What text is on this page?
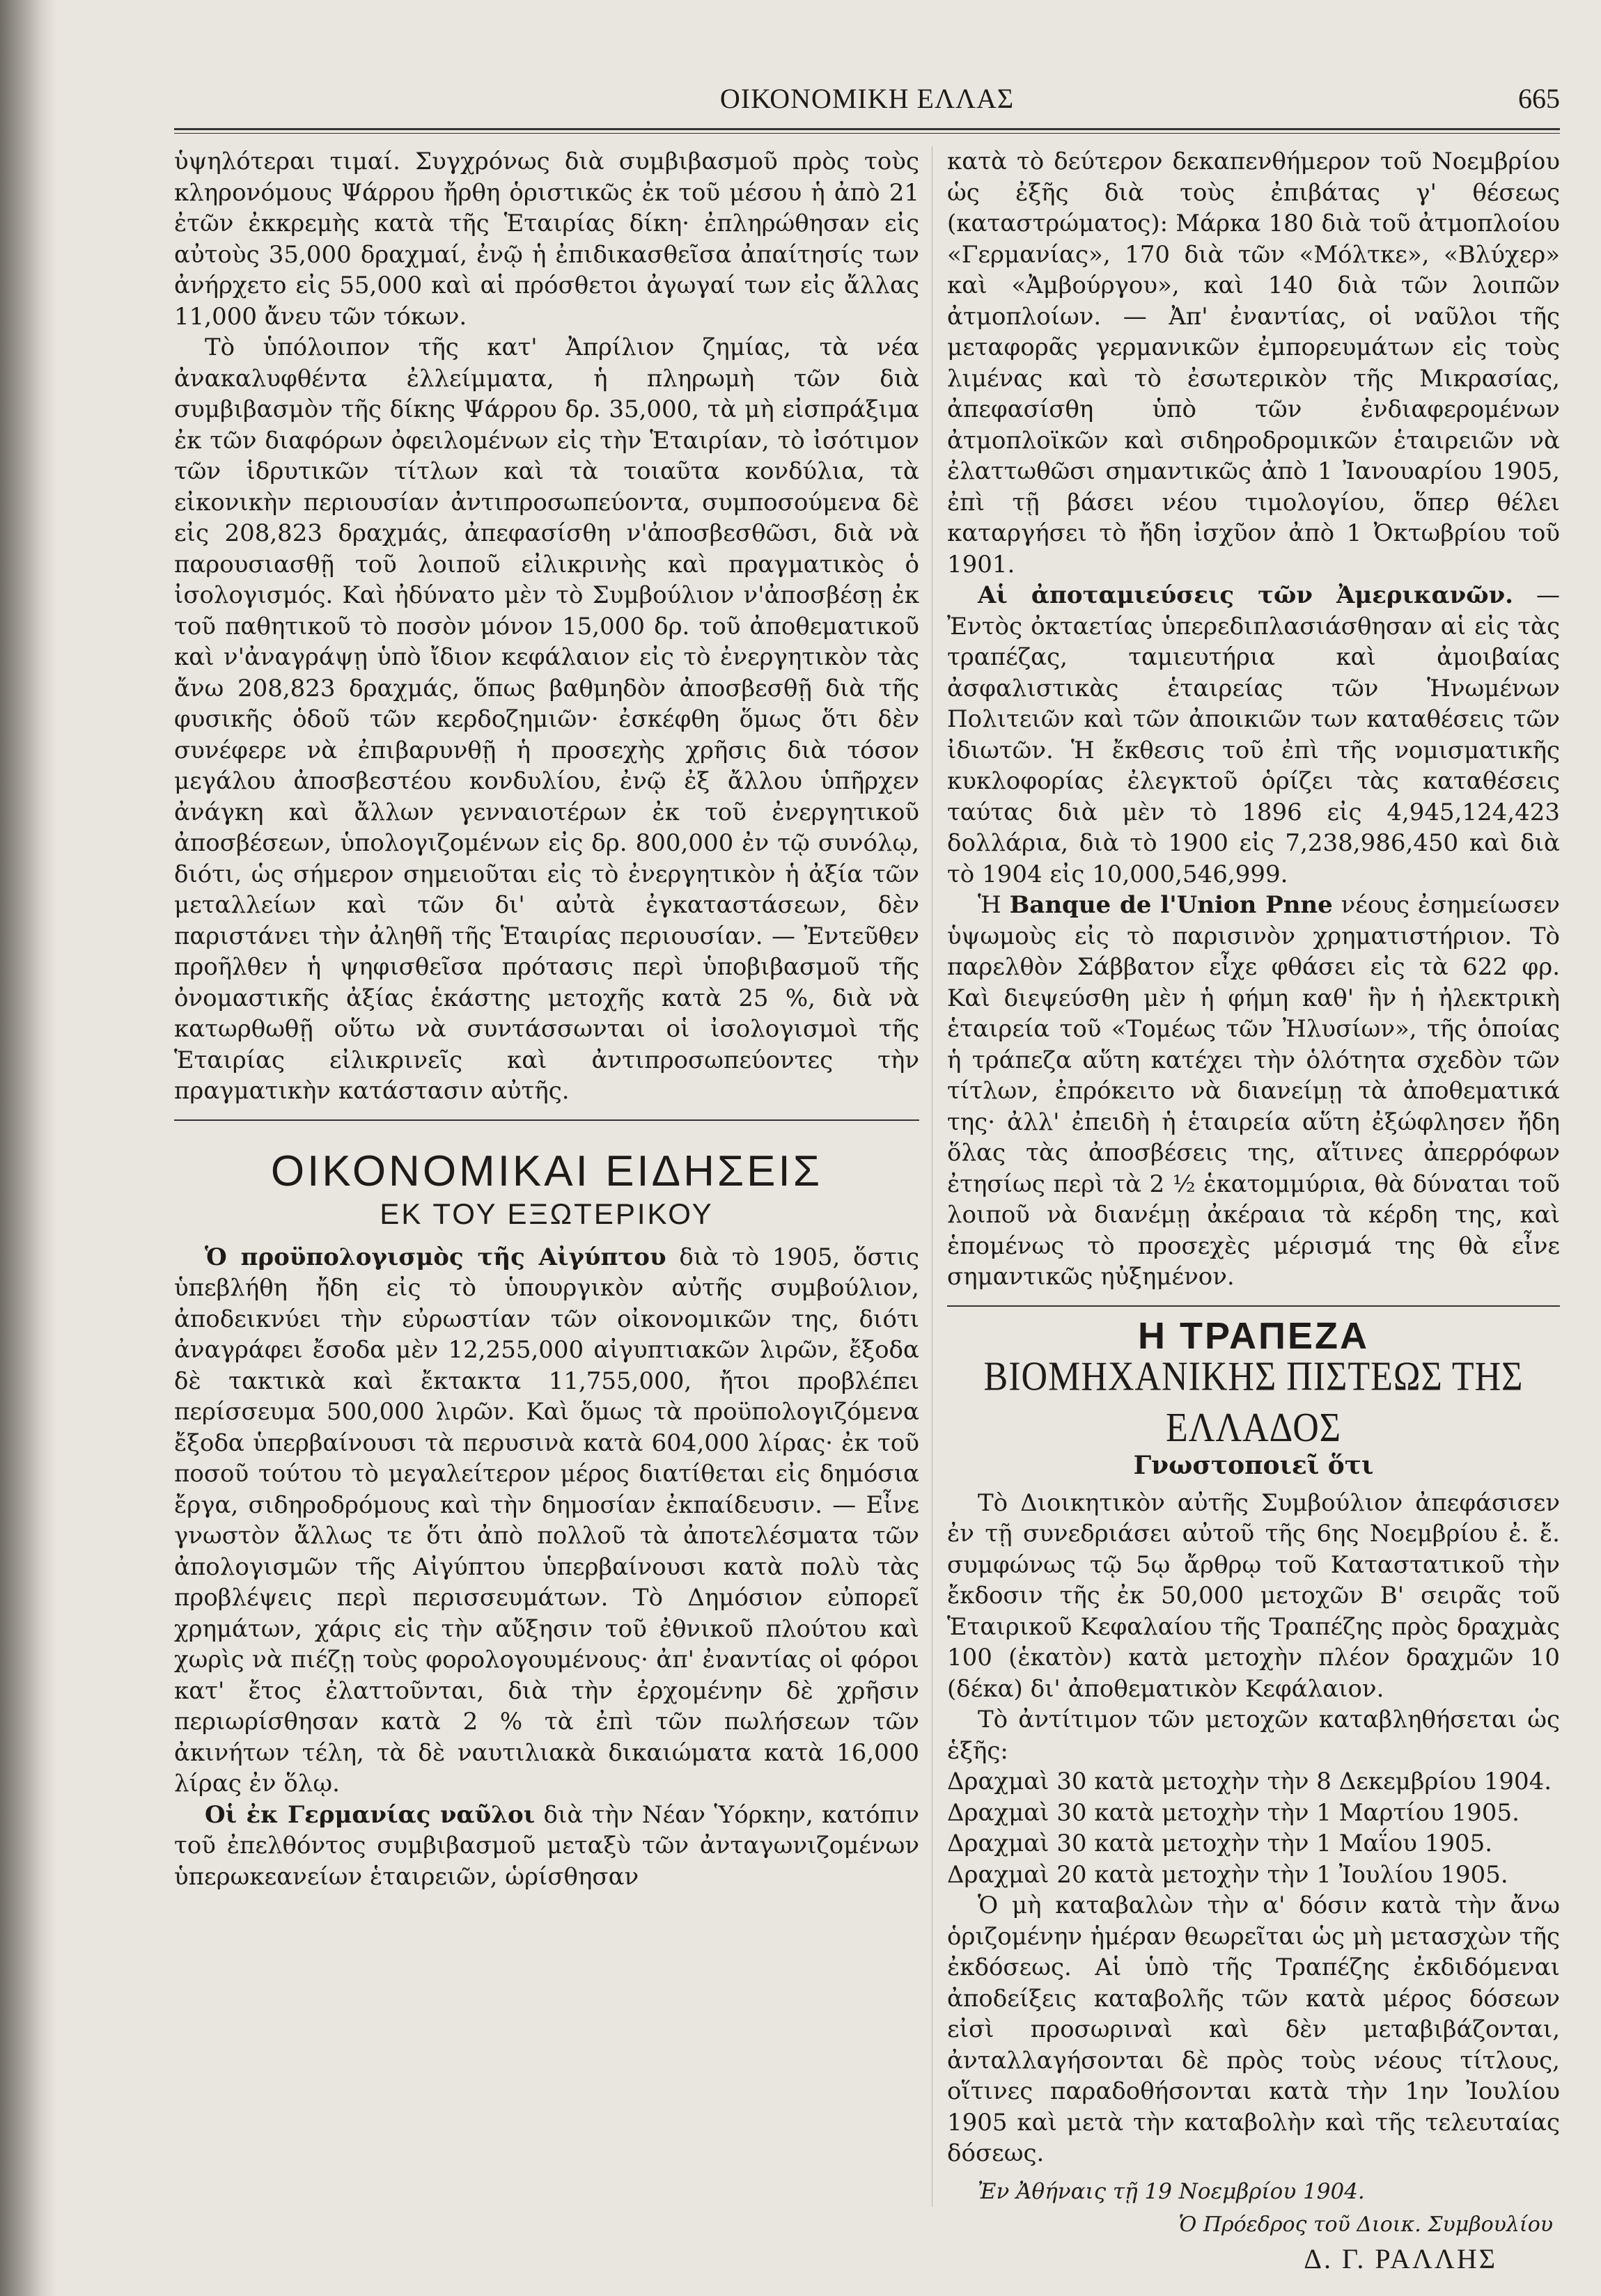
ΟΙΚΟΝΟΜΙΚΗ ΕΛΛΑΣ	665

ὑψηλότεραι τιμαί. Συγχρόνως διὰ συμβιβασμοῦ πρὸς τοὺς κληρονόμους Ψάρρου ἤρθη ὁριστικῶς ἐκ τοῦ μέσου ἡ ἀπὸ 21 ἐτῶν ἐκκρεμὴς κατὰ τῆς Ἑταιρίας δίκη· ἐπληρώθησαν εἰς αὐτοὺς 35,000 δραχμαί, ἐνῷ ἡ ἐπιδικασθεῖσα ἀπαίτησίς των ἀνήρχετο εἰς 55,000 καὶ αἱ πρόσθετοι ἀγωγαί των εἰς ἄλλας 11,000 ἄνευ τῶν τόκων.

Τὸ ὑπόλοιπον τῆς κατ' Ἀπρίλιον ζημίας, τὰ νέα ἀνακαλυφθέντα ἐλλείμματα, ἡ πληρωμὴ τῶν διὰ συμβιβασμὸν τῆς δίκης Ψάρρου δρ. 35,000, τὰ μὴ εἰσπράξιμα ἐκ τῶν διαφόρων ὀφειλομένων εἰς τὴν Ἑταιρίαν, τὸ ἰσότιμον τῶν ἱδρυτικῶν τίτλων καὶ τὰ τοιαῦτα κονδύλια, τὰ εἰκονικὴν περιουσίαν ἀντιπροσωπεύοντα, συμποσούμενα δὲ εἰς 208,823 δραχμάς, ἀπεφασίσθη ν'ἀποσβεσθῶσι, διὰ νὰ παρουσιασθῇ τοῦ λοιποῦ εἰλικρινὴς καὶ πραγματικὸς ὁ ἰσολογισμός. Καὶ ἠδύνατο μὲν τὸ Συμβούλιον ν'ἀποσβέσῃ ἐκ τοῦ παθητικοῦ τὸ ποσὸν μόνον 15,000 δρ. τοῦ ἀποθεματικοῦ καὶ ν'ἀναγράψῃ ὑπὸ ἴδιον κεφάλαιον εἰς τὸ ἐνεργητικὸν τὰς ἄνω 208,823 δραχμάς, ὅπως βαθμηδὸν ἀποσβεσθῇ διὰ τῆς φυσικῆς ὁδοῦ τῶν κερδοζημιῶν· ἐσκέφθη ὅμως ὅτι δὲν συνέφερε νὰ ἐπιβαρυνθῇ ἡ προσεχὴς χρῆσις διὰ τόσον μεγάλου ἀποσβεστέου κονδυλίου, ἐνῷ ἐξ ἄλλου ὑπῆρχεν ἀνάγκη καὶ ἄλλων γενναιοτέρων ἐκ τοῦ ἐνεργητικοῦ ἀποσβέσεων, ὑπολογιζομένων εἰς δρ. 800,000 ἐν τῷ συνόλῳ, διότι, ὡς σήμερον σημειοῦται εἰς τὸ ἐνεργητικὸν ἡ ἀξία τῶν μεταλλείων καὶ τῶν δι' αὐτὰ ἐγκαταστάσεων, δὲν παριστάνει τὴν ἀληθῆ τῆς Ἑταιρίας περιουσίαν. — Ἐντεῦθεν προῆλθεν ἡ ψηφισθεῖσα πρότασις περὶ ὑποβιβασμοῦ τῆς ὀνομαστικῆς ἀξίας ἑκάστης μετοχῆς κατὰ 25 %, διὰ νὰ κατωρθωθῇ οὕτω νὰ συντάσσωνται οἱ ἰσολογισμοὶ τῆς Ἑταιρίας εἰλικρινεῖς καὶ ἀντιπροσωπεύοντες τὴν πραγματικὴν κατάστασιν αὐτῆς.

ΟΙΚΟΝΟΜΙΚΑΙ ΕΙΔΗΣΕΙΣ
ΕΚ ΤΟΥ ΕΞΩΤΕΡΙΚΟΥ

Ὁ προϋπολογισμὸς τῆς Αἰγύπτου διὰ τὸ 1905, ὅστις ὑπεβλήθη ἤδη εἰς τὸ ὑπουργικὸν αὐτῆς συμβούλιον, ἀποδεικνύει τὴν εὐρωστίαν τῶν οἰκονομικῶν της, διότι ἀναγράφει ἔσοδα μὲν 12,255,000 αἰγυπτιακῶν λιρῶν, ἔξοδα δὲ τακτικὰ καὶ ἔκτακτα 11,755,000, ἤτοι προβλέπει περίσσευμα 500,000 λιρῶν. Καὶ ὅμως τὰ προϋπολογιζόμενα ἔξοδα ὑπερβαίνουσι τὰ περυσινὰ κατὰ 604,000 λίρας· ἐκ τοῦ ποσοῦ τούτου τὸ μεγαλείτερον μέρος διατίθεται εἰς δημόσια ἔργα, σιδηροδρόμους καὶ τὴν δημοσίαν ἐκπαίδευσιν. — Εἶνε γνωστὸν ἄλλως τε ὅτι ἀπὸ πολλοῦ τὰ ἀποτελέσματα τῶν ἀπολογισμῶν τῆς Αἰγύπτου ὑπερβαίνουσι κατὰ πολὺ τὰς προβλέψεις περὶ περισσευμάτων. Τὸ Δημόσιον εὐπορεῖ χρημάτων, χάρις εἰς τὴν αὔξησιν τοῦ ἐθνικοῦ πλούτου καὶ χωρὶς νὰ πιέζῃ τοὺς φορολογουμένους· ἀπ' ἐναντίας οἱ φόροι κατ' ἔτος ἐλαττοῦνται, διὰ τὴν ἐρχομένην δὲ χρῆσιν περιωρίσθησαν κατὰ 2 % τὰ ἐπὶ τῶν πωλήσεων τῶν ἀκινήτων τέλη, τὰ δὲ ναυτιλιακὰ δικαιώματα κατὰ 16,000 λίρας ἐν ὅλῳ.

Οἱ ἐκ Γερμανίας ναῦλοι διὰ τὴν Νέαν Ὑόρκην, κατόπιν τοῦ ἐπελθόντος συμβιβασμοῦ μεταξὺ τῶν ἀνταγωνιζομένων ὑπερωκεανείων ἑταιρειῶν, ὡρίσθησαν

κατὰ τὸ δεύτερον δεκαπενθήμερον τοῦ Νοεμβρίου ὡς ἐξῆς διὰ τοὺς ἐπιβάτας γ' θέσεως (καταστρώματος): Μάρκα 180 διὰ τοῦ ἀτμοπλοίου «Γερμανίας», 170 διὰ τῶν «Μόλτκε», «Βλύχερ» καὶ «Ἀμβούργου», καὶ 140 διὰ τῶν λοιπῶν ἀτμοπλοίων. — Ἀπ' ἐναντίας, οἱ ναῦλοι τῆς μεταφορᾶς γερμανικῶν ἐμπορευμάτων εἰς τοὺς λιμένας καὶ τὸ ἐσωτερικὸν τῆς Μικρασίας, ἀπεφασίσθη ὑπὸ τῶν ἐνδιαφερομένων ἀτμοπλοϊκῶν καὶ σιδηροδρομικῶν ἑταιρειῶν νὰ ἐλαττωθῶσι σημαντικῶς ἀπὸ 1 Ἰανουαρίου 1905, ἐπὶ τῇ βάσει νέου τιμολογίου, ὅπερ θέλει καταργήσει τὸ ἤδη ἰσχῦον ἀπὸ 1 Ὀκτωβρίου τοῦ 1901.

Αἱ ἀποταμιεύσεις τῶν Ἀμερικανῶν. — Ἐντὸς ὀκταετίας ὑπερεδιπλασιάσθησαν αἱ εἰς τὰς τραπέζας, ταμιευτήρια καὶ ἀμοιβαίας ἀσφαλιστικὰς ἑταιρείας τῶν Ἡνωμένων Πολιτειῶν καὶ τῶν ἀποικιῶν των καταθέσεις τῶν ἰδιωτῶν. Ἡ ἔκθεσις τοῦ ἐπὶ τῆς νομισματικῆς κυκλοφορίας ἐλεγκτοῦ ὁρίζει τὰς καταθέσεις ταύτας διὰ μὲν τὸ 1896 εἰς 4,945,124,423 δολλάρια, διὰ τὸ 1900 εἰς 7,238,986,450 καὶ διὰ τὸ 1904 εἰς 10,000,546,999.

Ἡ Banque de l'Union Pnne νέους ἐσημείωσεν ὑψωμοὺς εἰς τὸ παρισινὸν χρηματιστήριον. Τὸ παρελθὸν Σάββατον εἶχε φθάσει εἰς τὰ 622 φρ. Καὶ διεψεύσθη μὲν ἡ φήμη καθ' ἣν ἡ ἠλεκτρικὴ ἑταιρεία τοῦ «Τομέως τῶν Ἠλυσίων», τῆς ὁποίας ἡ τράπεζα αὕτη κατέχει τὴν ὁλότητα σχεδὸν τῶν τίτλων, ἐπρόκειτο νὰ διανείμῃ τὰ ἀποθεματικά της· ἀλλ' ἐπειδὴ ἡ ἑταιρεία αὕτη ἐξώφλησεν ἤδη ὅλας τὰς ἀποσβέσεις της, αἵτινες ἀπερρόφων ἐτησίως περὶ τὰ 2 ½ ἑκατομμύρια, θὰ δύναται τοῦ λοιποῦ νὰ διανέμῃ ἀκέραια τὰ κέρδη της, καὶ ἑπομένως τὸ προσεχὲς μέρισμά της θὰ εἶνε σημαντικῶς ηὐξημένον.

Η ΤΡΑΠΕΖΑ
ΒΙΟΜΗΧΑΝΙΚΗΣ ΠΙΣΤΕΩΣ ΤΗΣ ΕΛΛΑΔΟΣ
Γνωστοποιεῖ ὅτι

Τὸ Διοικητικὸν αὐτῆς Συμβούλιον ἀπεφάσισεν ἐν τῇ συνεδριάσει αὐτοῦ τῆς 6ης Νοεμβρίου ἐ. ἔ. συμφώνως τῷ 5ῳ ἄρθρῳ τοῦ Καταστατικοῦ τὴν ἔκδοσιν τῆς ἐκ 50,000 μετοχῶν Β' σειρᾶς τοῦ Ἑταιρικοῦ Κεφαλαίου τῆς Τραπέζης πρὸς δραχμὰς 100 (ἑκατὸν) κατὰ μετοχὴν πλέον δραχμῶν 10 (δέκα) δι' ἀποθεματικὸν Κεφάλαιον.

Τὸ ἀντίτιμον τῶν μετοχῶν καταβληθήσεται ὡς ἑξῆς:

Δραχμαὶ 30 κατὰ μετοχὴν τὴν 8 Δεκεμβρίου 1904.

Δραχμαὶ 30 κατὰ μετοχὴν τὴν 1 Μαρτίου 1905.

Δραχμαὶ 30 κατὰ μετοχὴν τὴν 1 Μαΐου 1905.

Δραχμαὶ 20 κατὰ μετοχὴν τὴν 1 Ἰουλίου 1905.

Ὁ μὴ καταβαλὼν τὴν α' δόσιν κατὰ τὴν ἄνω ὁριζομένην ἡμέραν θεωρεῖται ὡς μὴ μετασχὼν τῆς ἐκδόσεως. Αἱ ὑπὸ τῆς Τραπέζης ἐκδιδόμεναι ἀποδείξεις καταβολῆς τῶν κατὰ μέρος δόσεων εἰσὶ προσωριναὶ καὶ δὲν μεταβιβάζονται, ἀνταλλαγήσονται δὲ πρὸς τοὺς νέους τίτλους, οἵτινες παραδοθήσονται κατὰ τὴν 1ην Ἰουλίου 1905 καὶ μετὰ τὴν καταβολὴν καὶ τῆς τελευταίας δόσεως.

Ἐν Ἀθήναις τῇ 19 Νοεμβρίου 1904.
Ὁ Πρόεδρος τοῦ Διοικ. Συμβουλίου
Δ. Γ. ΡΑΛΛΗΣ
